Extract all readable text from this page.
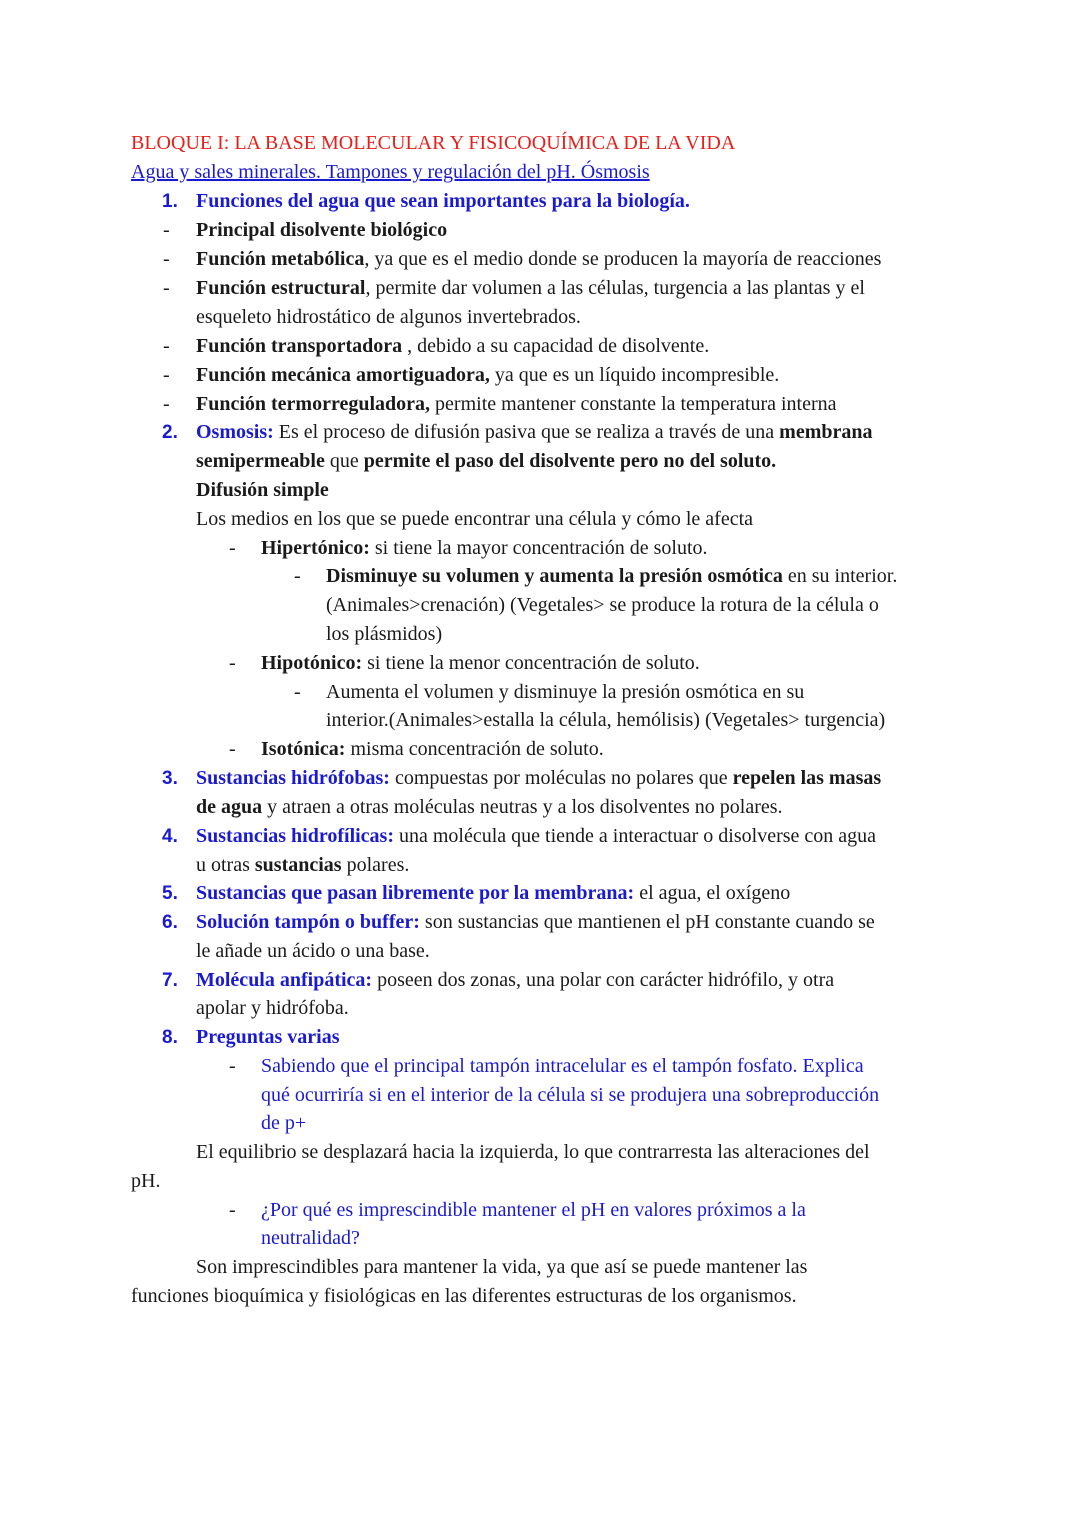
BLOQUE I: LA BASE MOLECULAR Y FISICOQUÍMICA DE LA VIDA
Agua y sales minerales. Tampones y regulación del pH. Ósmosis
1. Funciones del agua que sean importantes para la biología.
- Principal disolvente biológico
- Función metabólica, ya que es el medio donde se producen la mayoría de reacciones
- Función estructural, permite dar volumen a las células, turgencia a las plantas y el
esqueleto hidrostático de algunos invertebrados.
- Función transportadora , debido a su capacidad de disolvente.
- Función mecánica amortiguadora, ya que es un líquido incompresible.
- Función termorreguladora, permite mantener constante la temperatura interna
2. Osmosis: Es el proceso de difusión pasiva que se realiza a través de una membrana
semipermeable que permite el paso del disolvente pero no del soluto.
Difusión simple
Los medios en los que se puede encontrar una célula y cómo le afecta
- Hipertónico: si tiene la mayor concentración de soluto.
- Disminuye su volumen y aumenta la presión osmótica en su interior.
(Animales>crenación) (Vegetales> se produce la rotura de la célula o
los plásmidos)
- Hipotónico: si tiene la menor concentración de soluto.
- Aumenta el volumen y disminuye la presión osmótica en su
interior.(Animales>estalla la célula, hemólisis) (Vegetales> turgencia)
- Isotónica: misma concentración de soluto.
3. Sustancias hidrófobas: compuestas por moléculas no polares que repelen las masas
de agua y atraen a otras moléculas neutras y a los disolventes no polares.
4. Sustancias hidrofílicas: una molécula que tiende a interactuar o disolverse con agua
u otras sustancias polares.
5. Sustancias que pasan libremente por la membrana: el agua, el oxígeno
6. Solución tampón o buffer: son sustancias que mantienen el pH constante cuando se
le añade un ácido o una base.
7. Molécula anfipática: poseen dos zonas, una polar con carácter hidrófilo, y otra
apolar y hidrófoba.
8. Preguntas varias
- Sabiendo que el principal tampón intracelular es el tampón fosfato. Explica
qué ocurriría si en el interior de la célula si se produjera una sobreproducción
de p+
El equilibrio se desplazará hacia la izquierda, lo que contrarresta las alteraciones del
pH.
- ¿Por qué es imprescindible mantener el pH en valores próximos a la
neutralidad?
Son imprescindibles para mantener la vida, ya que así se puede mantener las
funciones bioquímica y fisiológicas en las diferentes estructuras de los organismos.
